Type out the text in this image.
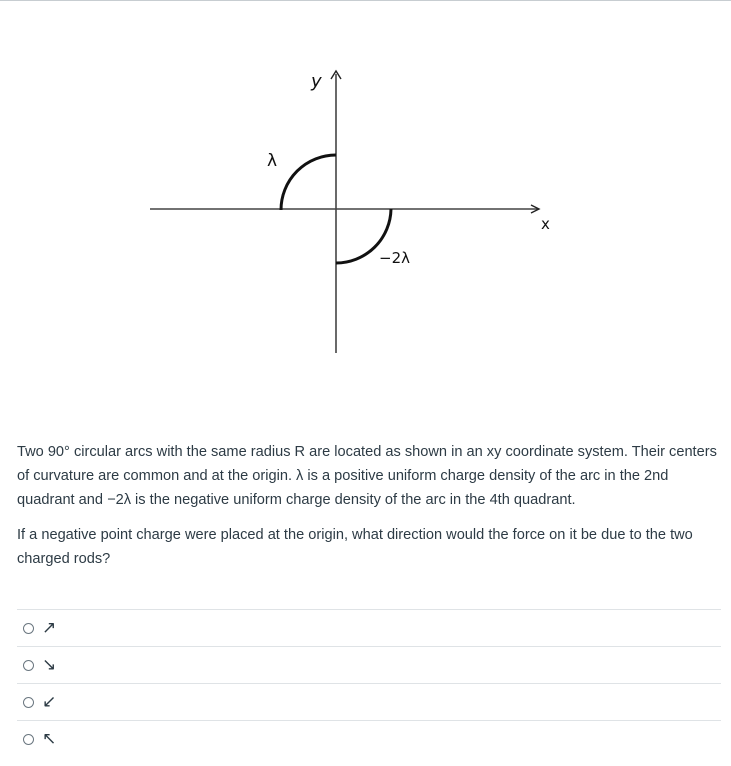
y
x
λ
−2λ

Two 90° circular arcs with the same radius R are located as shown in an xy coordinate system. Their centers of curvature are common and at the origin. λ is a positive uniform charge density of the arc in the 2nd quadrant and −2λ is the negative uniform charge density of the arc in the 4th quadrant.

If a negative point charge were placed at the origin, what direction would the force on it be due to the two charged rods?

↗
↘
↙
↖
